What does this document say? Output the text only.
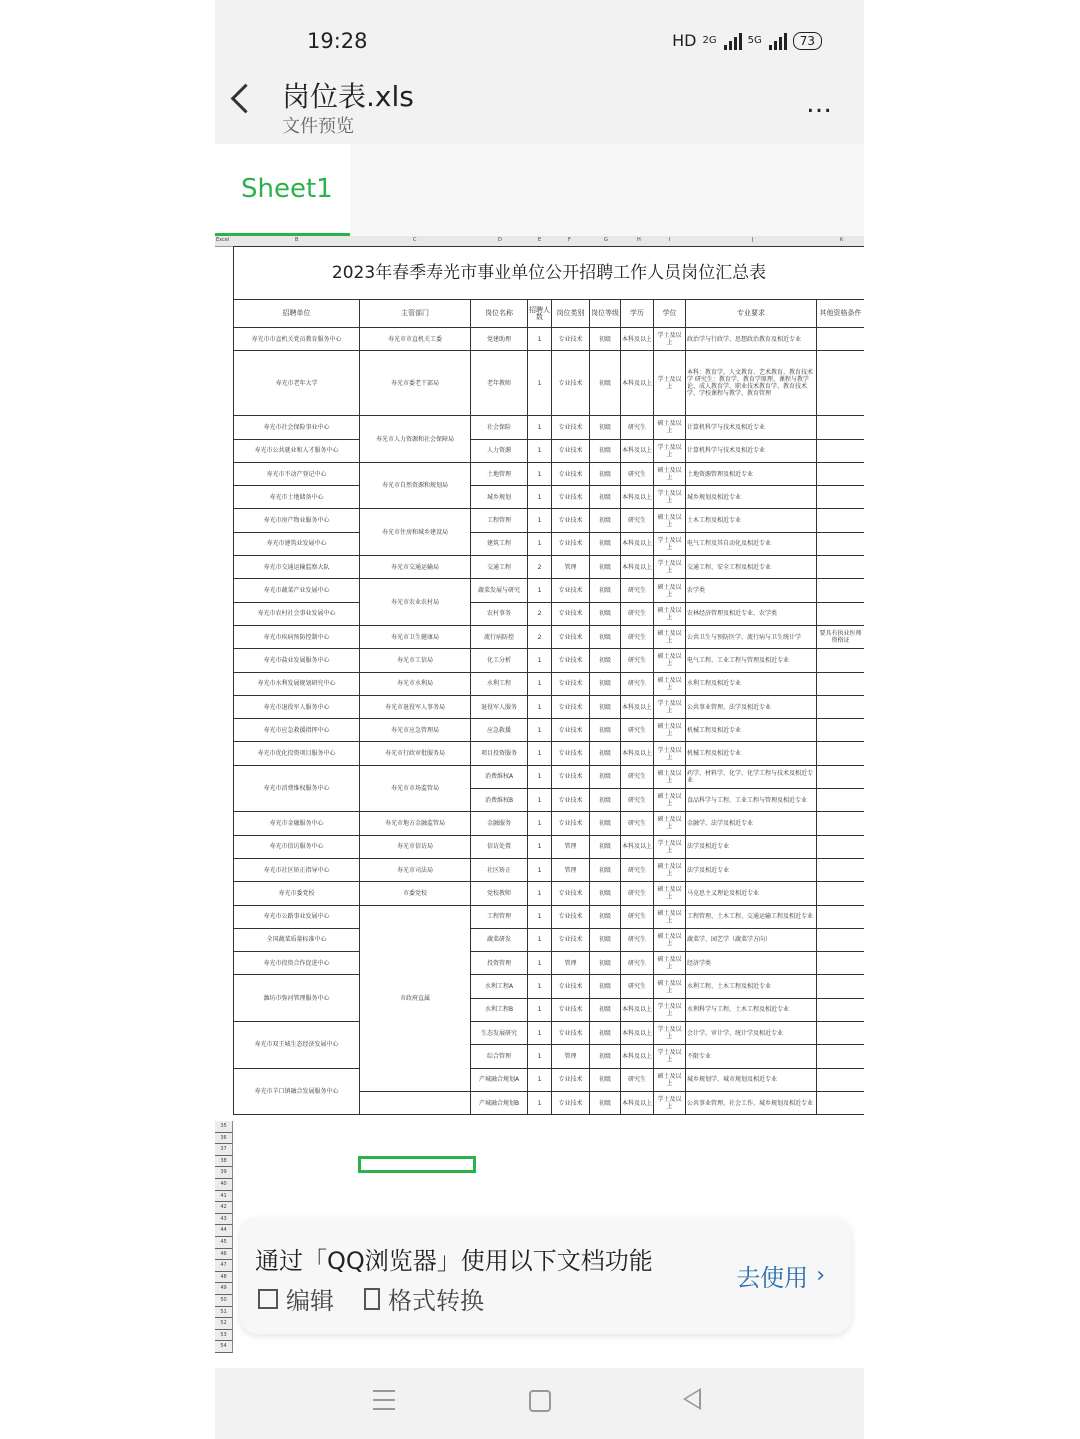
19:28	HD 2G	5G	73
岗位表.xls
文件预览
…
Sheet1
Excel	B	C	D	E	F	G	H	I	J	K
2023年春季寿光市事业单位公开招聘工作人员岗位汇总表									
招聘单位	主管部门	岗位名称	招聘人数	岗位类别	岗位等级	学历	学位	专业要求	其他资格条件
寿光市市直机关党员教育服务中心	寿光市市直机关工委	党建助理	1	专业技术	初级	本科及以上	学士及以上	政治学与行政学、思想政治教育及相近专业	
寿光市老年大学	寿光市委老干部局	老年教师	1	专业技术	初级	本科及以上	学士及以上	本科：教育学、人文教育、艺术教育、教育技术学 研究生：教育学、教育学原理、课程与教学论、成人教育学、职业技术教育学、教育技术学、学校课程与教学、教育管理	
寿光市社会保险事业中心	寿光市人力资源和社会保障局	社会保险	1	专业技术	初级	研究生	硕士及以上	计算机科学与技术及相近专业	
寿光市公共就业和人才服务中心		人力资源	1	专业技术	初级	本科及以上	学士及以上	计算机科学与技术及相近专业	
寿光市不动产登记中心	寿光市自然资源和规划局	土地管理	1	专业技术	初级	研究生	硕士及以上	土地资源管理及相近专业	
寿光市土地储备中心		城乡规划	1	专业技术	初级	本科及以上	学士及以上	城乡规划及相近专业	
寿光市房产物业服务中心	寿光市住房和城乡建设局	工程管理	1	专业技术	初级	研究生	硕士及以上	土木工程及相近专业	
寿光市建筑业发展中心		建筑工程	1	专业技术	初级	本科及以上	学士及以上	电气工程及其自动化及相近专业	
寿光市交通运输监察大队	寿光市交通运输局	交通工程	2	管理	初级	本科及以上	学士及以上	交通工程、安全工程及相近专业	
寿光市蔬菜产业发展中心	寿光市农业农村局	蔬菜发展与研究	1	专业技术	初级	研究生	硕士及以上	农学类	
寿光市农村社会事业发展中心		农村事务	2	专业技术	初级	研究生	硕士及以上	农林经济管理及相近专业、农学类	
寿光市疾病预防控制中心	寿光市卫生健康局	流行病防控	2	专业技术	初级	研究生	硕士及以上	公共卫生与预防医学、流行病与卫生统计学	要具有执业医师资格证
寿光市盐业发展服务中心	寿光市工信局	化工分析	1	专业技术	初级	研究生	硕士及以上	电气工程、工业工程与管理及相近专业	
寿光市水利发展规划研究中心	寿光市水利局	水利工程	1	专业技术	初级	研究生	硕士及以上	水利工程及相近专业	
寿光市退役军人服务中心	寿光市退役军人事务局	退役军人服务	1	专业技术	初级	本科及以上	学士及以上	公共事业管理、法学及相近专业	
寿光市应急救援指挥中心	寿光市应急管理局	应急救援	1	专业技术	初级	研究生	硕士及以上	机械工程及相近专业	
寿光市优化投资项目服务中心	寿光市行政审批服务局	项目投资服务	1	专业技术	初级	本科及以上	学士及以上	机械工程及相近专业	
寿光市消费维权服务中心	寿光市市场监管局	消费维权A	1	专业技术	初级	研究生	硕士及以上	药学、材料学、化学、化学工程与技术及相近专业	
		消费维权B	1	专业技术	初级	研究生	硕士及以上	食品科学与工程、工业工程与管理及相近专业	
寿光市金融服务中心	寿光市地方金融监管局	金融服务	1	专业技术	初级	研究生	硕士及以上	金融学、法学及相近专业	
寿光市信访服务中心	寿光市信访局	信访处置	1	管理	初级	本科及以上	学士及以上	法学及相近专业	
寿光市社区矫正指导中心	寿光市司法局	社区矫正	1	管理	初级	研究生	硕士及以上	法学及相近专业	
寿光市委党校	市委党校	党校教师	1	专业技术	初级	研究生	硕士及以上	马克思主义理论及相近专业	
寿光市公路事业发展中心	市政府直属	工程管理	1	专业技术	初级	研究生	硕士及以上	工程管理、土木工程、交通运输工程及相近专业	
全国蔬菜质量标准中心		蔬菜研发	1	专业技术	初级	研究生	硕士及以上	蔬菜学、园艺学（蔬菜学方向）	
寿光市投资合作促进中心		投资管理	1	管理	初级	研究生	硕士及以上	经济学类	
潍坊市弥河管理服务中心		水利工程A	1	专业技术	初级	研究生	硕士及以上	水利工程、土木工程及相近专业	
		水利工程B	1	专业技术	初级	本科及以上	学士及以上	水利科学与工程、土木工程及相近专业	
寿光市双王城生态经济发展中心		生态发展研究	1	专业技术	初级	本科及以上	学士及以上	会计学、审计学、统计学及相近专业	
		综合管理	1	管理	初级	本科及以上	学士及以上	不限专业	
寿光市羊口镇融合发展服务中心		产城融合规划A	1	专业技术	初级	研究生	硕士及以上	城乡规划学、城市规划及相近专业	
		产城融合规划B	1	专业技术	初级	本科及以上	学士及以上	公共事业管理、社会工作、城乡规划及相近专业	
35
36
37
38
39
40
41
42
43
44
45
46
47
48
49
50
51
52
53
54
通过「QQ浏览器」使用以下文档功能
编辑 格式转换
去使用 ›
